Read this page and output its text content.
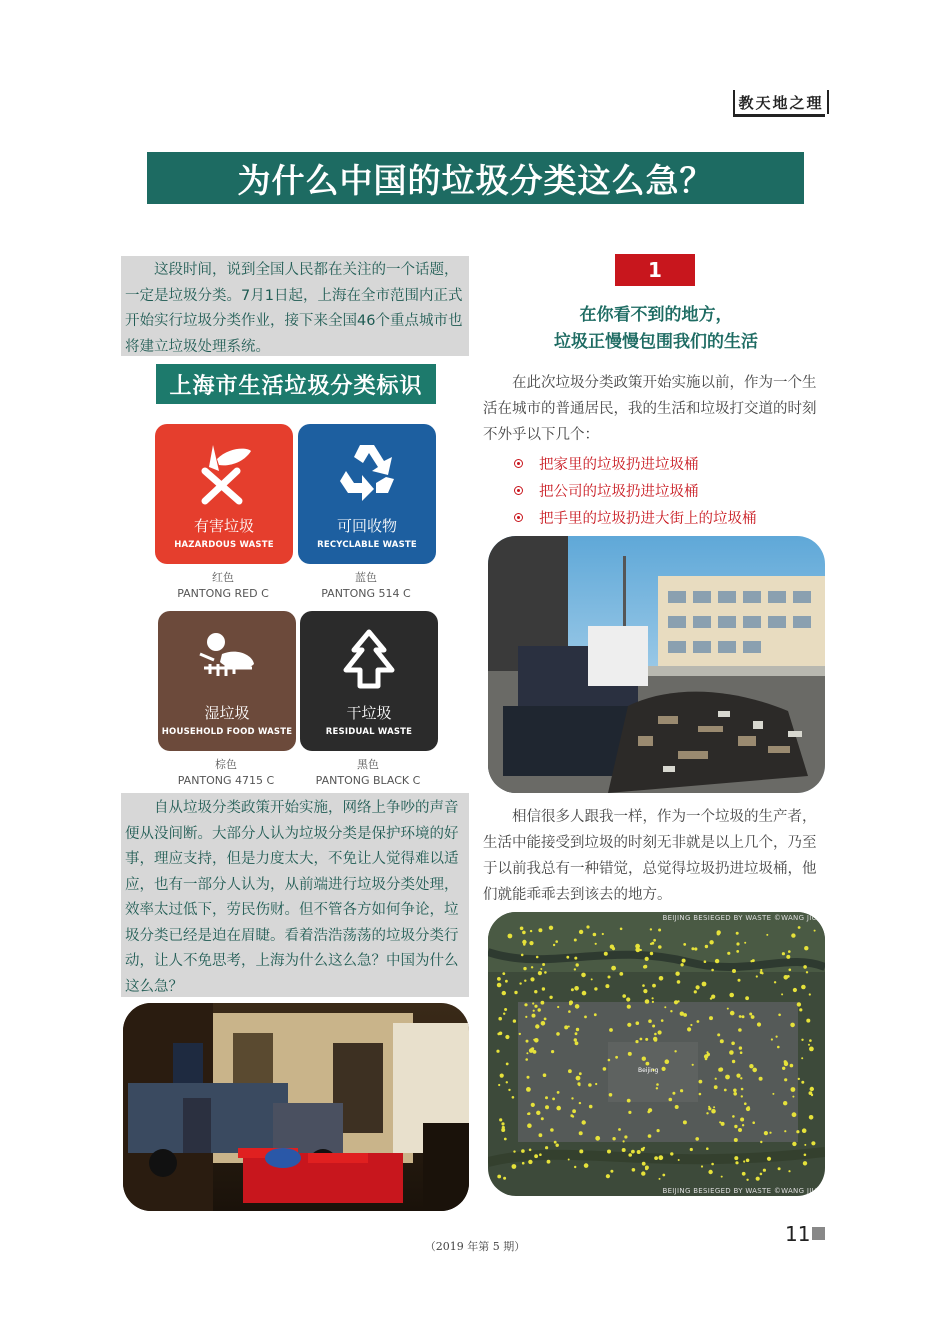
教天地之理
为什么中国的垃圾分类这么急？

这段时间，说到全国人民都在关注的一个话题，一定是垃圾分类。7月1日起，上海在全市范围内正式开始实行垃圾分类作业，接下来全国46个重点城市也将建立垃圾处理系统。

上海市生活垃圾分类标识
有害垃圾
HAZARDOUS WASTE
可回收物
RECYCLABLE WASTE
红色
PANTONG RED C
蓝色
PANTONG 514 C
湿垃圾
HOUSEHOLD FOOD WASTE
干垃圾
RESIDUAL WASTE
棕色
PANTONG 4715 C
黑色
PANTONG BLACK C

自从垃圾分类政策开始实施，网络上争吵的声音便从没间断。大部分人认为垃圾分类是保护环境的好事，理应支持，但是力度太大，不免让人觉得难以适应，也有一部分人认为，从前端进行垃圾分类处理，效率太过低下，劳民伤财。但不管各方如何争论，垃圾分类已经是迫在眉睫。看着浩浩荡荡的垃圾分类行动，让人不免思考，上海为什么这么急？中国为什么这么急？

1
在你看不到的地方，
垃圾正慢慢包围我们的生活

在此次垃圾分类政策开始实施以前，作为一个生活在城市的普通居民，我的生活和垃圾打交道的时刻不外乎以下几个：

把家里的垃圾扔进垃圾桶
把公司的垃圾扔进垃圾桶
把手里的垃圾扔进大街上的垃圾桶

相信很多人跟我一样，作为一个垃圾的生产者，生活中能接受到垃圾的时刻无非就是以上几个，乃至于以前我总有一种错觉，总觉得垃圾扔进垃圾桶，他们就能乖乖去到该去的地方。

Beijing
BEIJING BESIEGED BY WASTE ©WANG JIU
BEIJING BESIEGED BY WASTE ©WANG JIU
（2019 年第 5 期）
11
